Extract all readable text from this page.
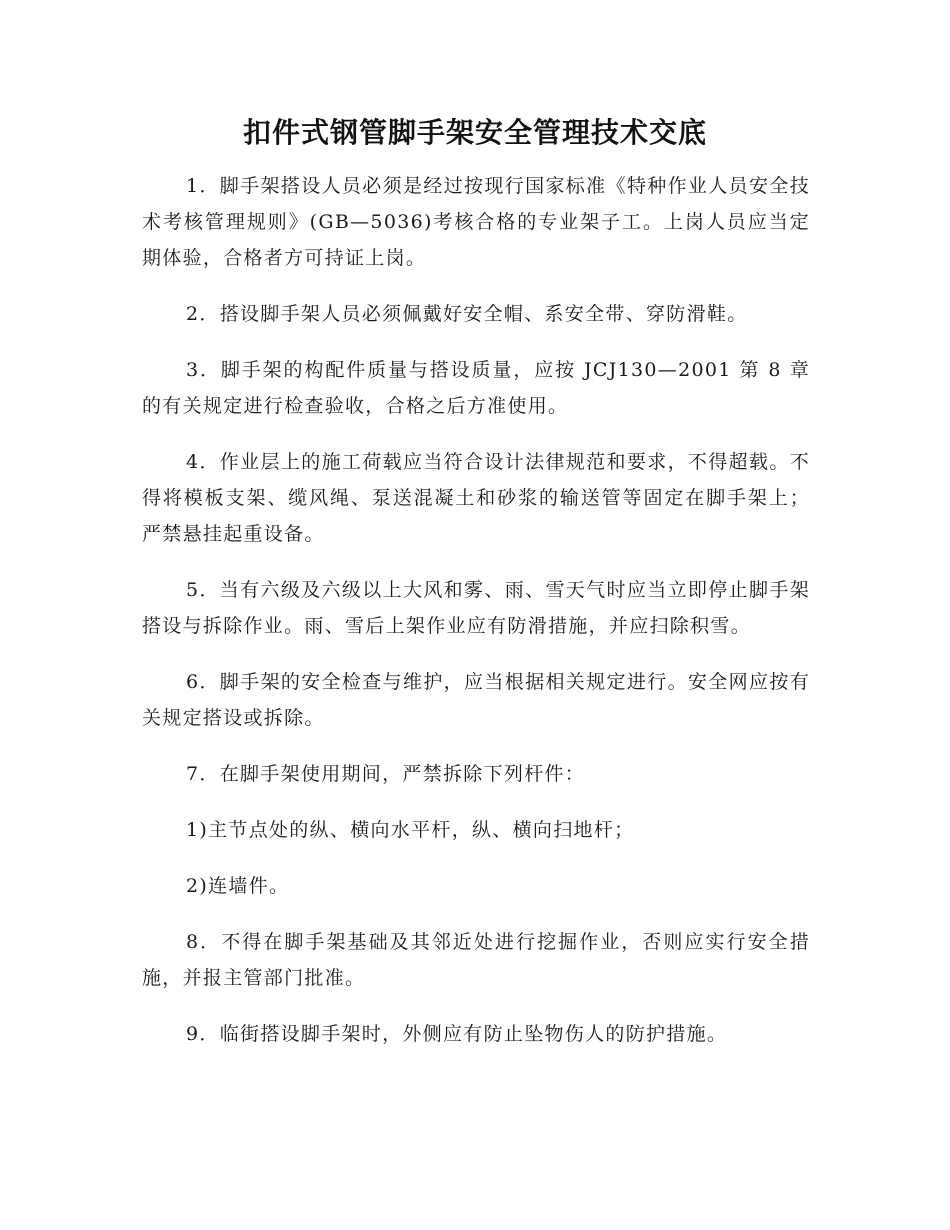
扣件式钢管脚手架安全管理技术交底

1．脚手架搭设人员必须是经过按现行国家标准《特种作业人员安全技术考核管理规则》(GB—5036)考核合格的专业架子工。上岗人员应当定期体验，合格者方可持证上岗。

2．搭设脚手架人员必须佩戴好安全帽、系安全带、穿防滑鞋。

3．脚手架的构配件质量与搭设质量，应按 JCJ130—2001 第 8 章的有关规定进行检查验收，合格之后方准使用。

4．作业层上的施工荷载应当符合设计法律规范和要求，不得超载。不得将模板支架、缆风绳、泵送混凝土和砂浆的输送管等固定在脚手架上；严禁悬挂起重设备。

5．当有六级及六级以上大风和雾、雨、雪天气时应当立即停止脚手架搭设与拆除作业。雨、雪后上架作业应有防滑措施，并应扫除积雪。

6．脚手架的安全检查与维护，应当根据相关规定进行。安全网应按有关规定搭设或拆除。

7．在脚手架使用期间，严禁拆除下列杆件：

1)主节点处的纵、横向水平杆，纵、横向扫地杆；

2)连墙件。

8．不得在脚手架基础及其邻近处进行挖掘作业，否则应实行安全措施，并报主管部门批准。

9．临街搭设脚手架时，外侧应有防止坠物伤人的防护措施。
